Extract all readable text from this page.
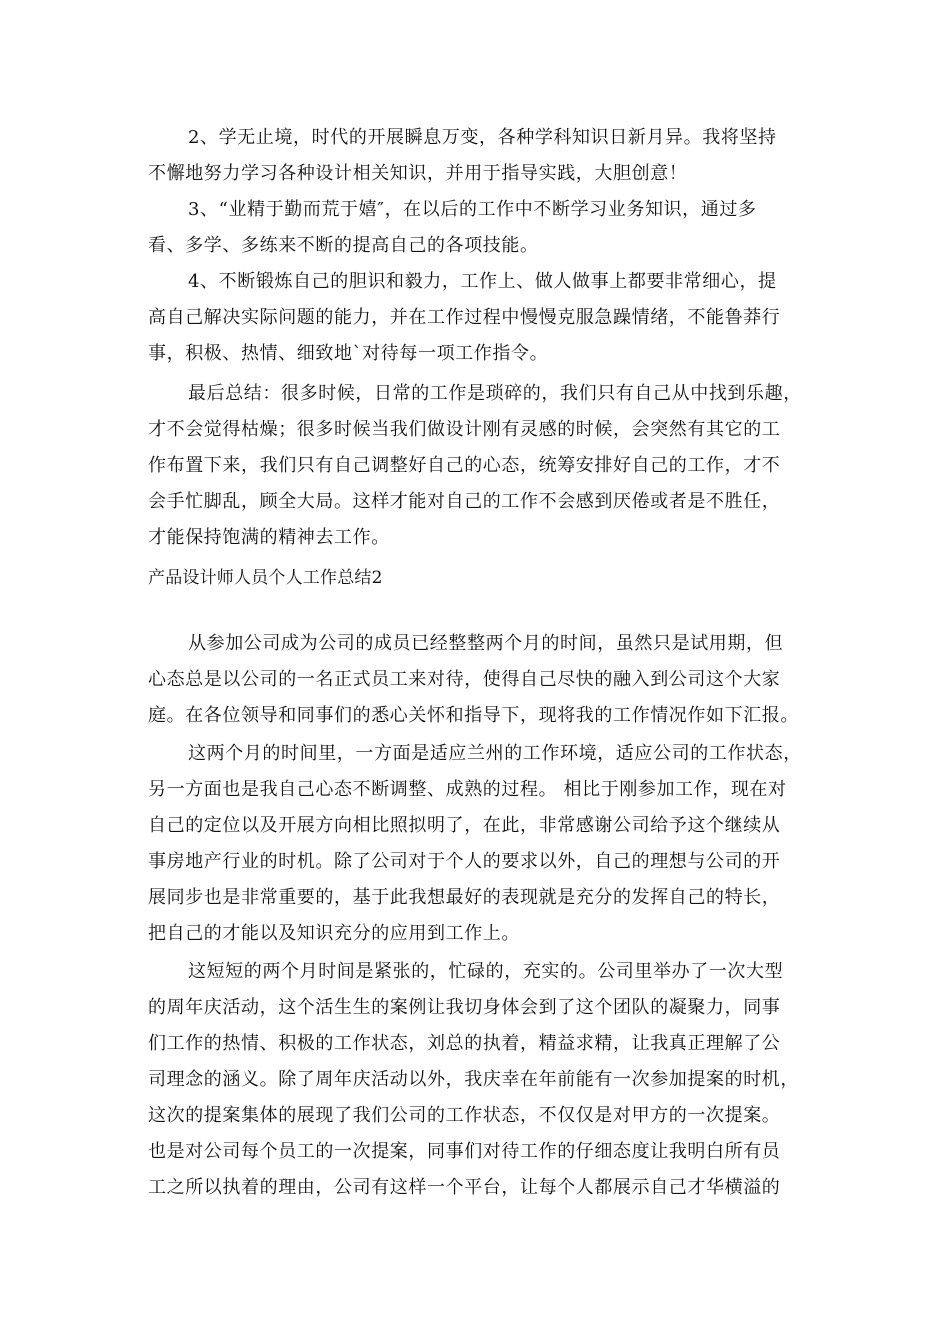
2、学无止境，时代的开展瞬息万变，各种学科知识日新月异。我将坚持
不懈地努力学习各种设计相关知识，并用于指导实践，大胆创意！
3、“业精于勤而荒于嬉″，在以后的工作中不断学习业务知识，通过多
看、多学、多练来不断的提高自己的各项技能。
4、不断锻炼自己的胆识和毅力，工作上、做人做事上都要非常细心，提
高自己解决实际问题的能力，并在工作过程中慢慢克服急躁情绪，不能鲁莽行
事，积极、热情、细致地`对待每一项工作指令。
最后总结：很多时候，日常的工作是琐碎的，我们只有自己从中找到乐趣，
才不会觉得枯燥；很多时候当我们做设计刚有灵感的时候，会突然有其它的工
作布置下来，我们只有自己调整好自己的心态，统筹安排好自己的工作，才不
会手忙脚乱，顾全大局。这样才能对自己的工作不会感到厌倦或者是不胜任，
才能保持饱满的精神去工作。
产品设计师人员个人工作总结2
从参加公司成为公司的成员已经整整两个月的时间，虽然只是试用期，但
心态总是以公司的一名正式员工来对待，使得自己尽快的融入到公司这个大家
庭。在各位领导和同事们的悉心关怀和指导下，现将我的工作情况作如下汇报。
这两个月的时间里，一方面是适应兰州的工作环境，适应公司的工作状态，
另一方面也是我自己心态不断调整、成熟的过程。 相比于刚参加工作，现在对
自己的定位以及开展方向相比照拟明了，在此，非常感谢公司给予这个继续从
事房地产行业的时机。除了公司对于个人的要求以外，自己的理想与公司的开
展同步也是非常重要的，基于此我想最好的表现就是充分的发挥自己的特长，
把自己的才能以及知识充分的应用到工作上。
这短短的两个月时间是紧张的，忙碌的，充实的。公司里举办了一次大型
的周年庆活动，这个活生生的案例让我切身体会到了这个团队的凝聚力，同事
们工作的热情、积极的工作状态，刘总的执着，精益求精，让我真正理解了公
司理念的涵义。除了周年庆活动以外，我庆幸在年前能有一次参加提案的时机，
这次的提案集体的展现了我们公司的工作状态，不仅仅是对甲方的一次提案。
也是对公司每个员工的一次提案，同事们对待工作的仔细态度让我明白所有员
工之所以执着的理由，公司有这样一个平台，让每个人都展示自己才华横溢的
